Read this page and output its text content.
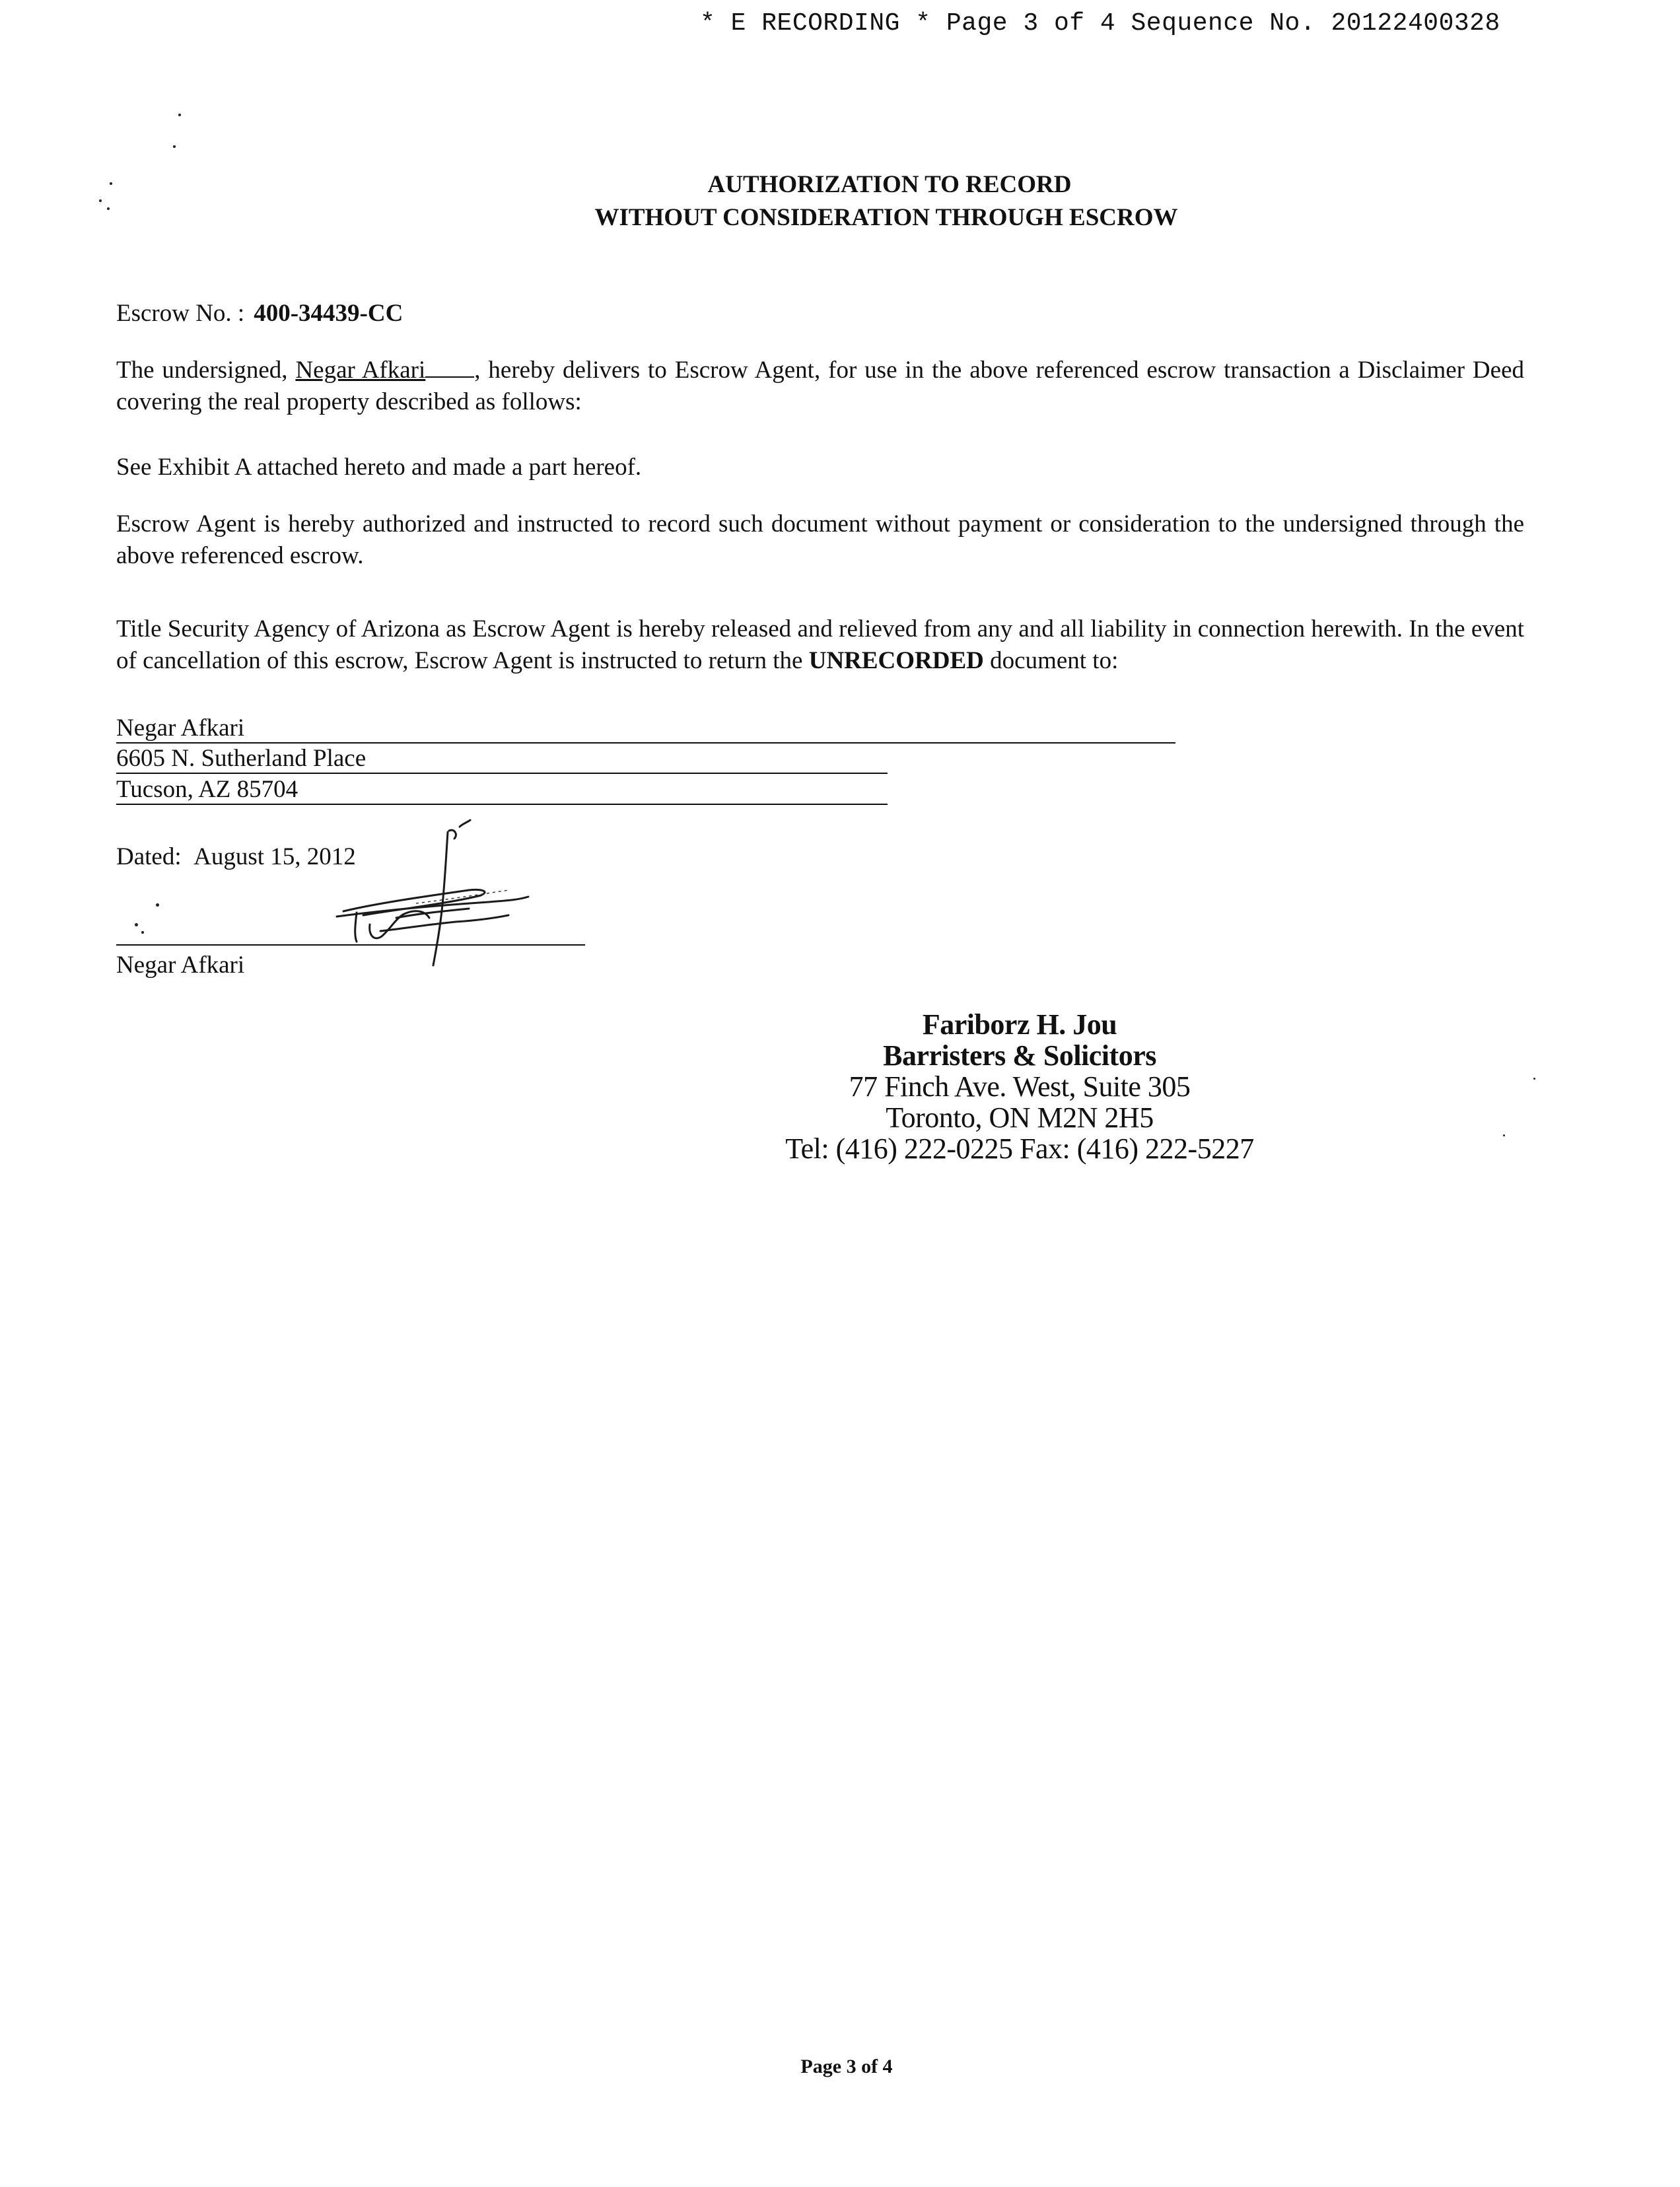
* E RECORDING * Page 3 of 4 Sequence No. 20122400328
AUTHORIZATION TO RECORD
WITHOUT CONSIDERATION THROUGH ESCROW
Escrow No. : 400-34439-CC
The undersigned, Negar Afkari , hereby delivers to Escrow Agent, for use in the above referenced escrow transaction a Disclaimer Deed covering the real property described as follows:
See Exhibit A attached hereto and made a part hereof.
Escrow Agent is hereby authorized and instructed to record such document without payment or consideration to the undersigned through the above referenced escrow.
Title Security Agency of Arizona as Escrow Agent is hereby released and relieved from any and all liability in connection herewith. In the event of cancellation of this escrow, Escrow Agent is instructed to return the UNRECORDED document to:
Negar Afkari
6605 N. Sutherland Place
Tucson, AZ 85704
Dated: August 15, 2012
Negar Afkari
Fariborz H. Jou
Barristers & Solicitors
77 Finch Ave. West, Suite 305
Toronto, ON M2N 2H5
Tel: (416) 222-0225 Fax: (416) 222-5227
Page 3 of 4
